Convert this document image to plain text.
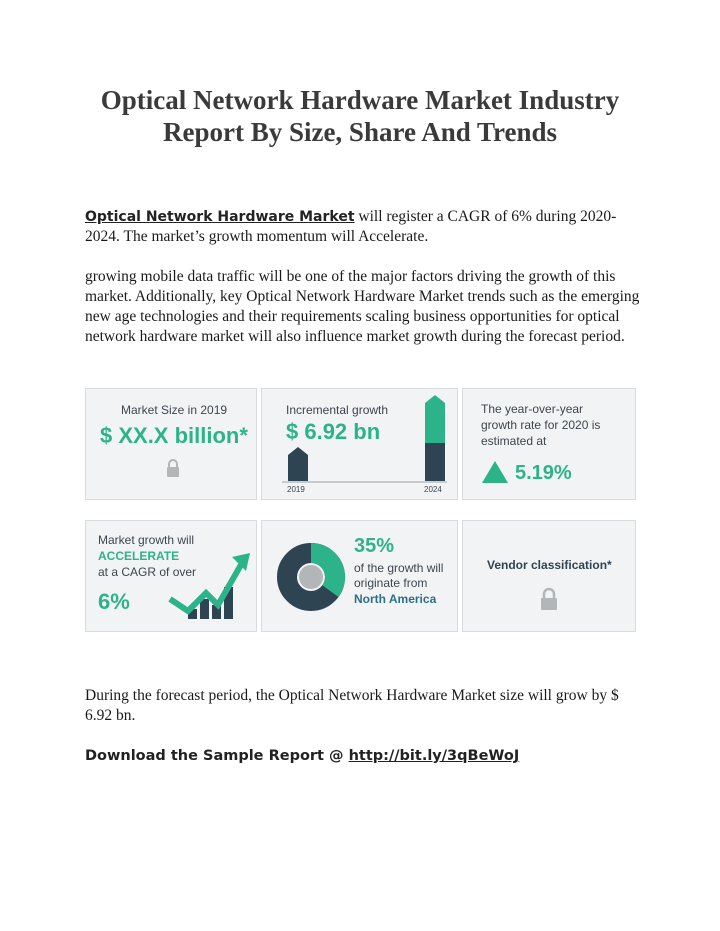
Optical Network Hardware Market Industry Report By Size, Share And Trends
Optical Network Hardware Market will register a CAGR of 6% during 2020-2024. The market’s growth momentum will Accelerate.
growing mobile data traffic will be one of the major factors driving the growth of this market. Additionally, key Optical Network Hardware Market trends such as the emerging new age technologies and their requirements scaling business opportunities for optical network hardware market will also influence market growth during the forecast period.
Market Size in 2019
$ XX.X billion*
Incremental growth
$ 6.92 bn
2019	2024
The year-over-year
growth rate for 2020 is
estimated at
5.19%
Market growth will
ACCELERATE
at a CAGR of over
6%
35%
of the growth will
originate from
North America
Vendor classification*
During the forecast period, the Optical Network Hardware Market size will grow by $ 6.92 bn.
Download the Sample Report @ http://bit.ly/3qBeWoJ
